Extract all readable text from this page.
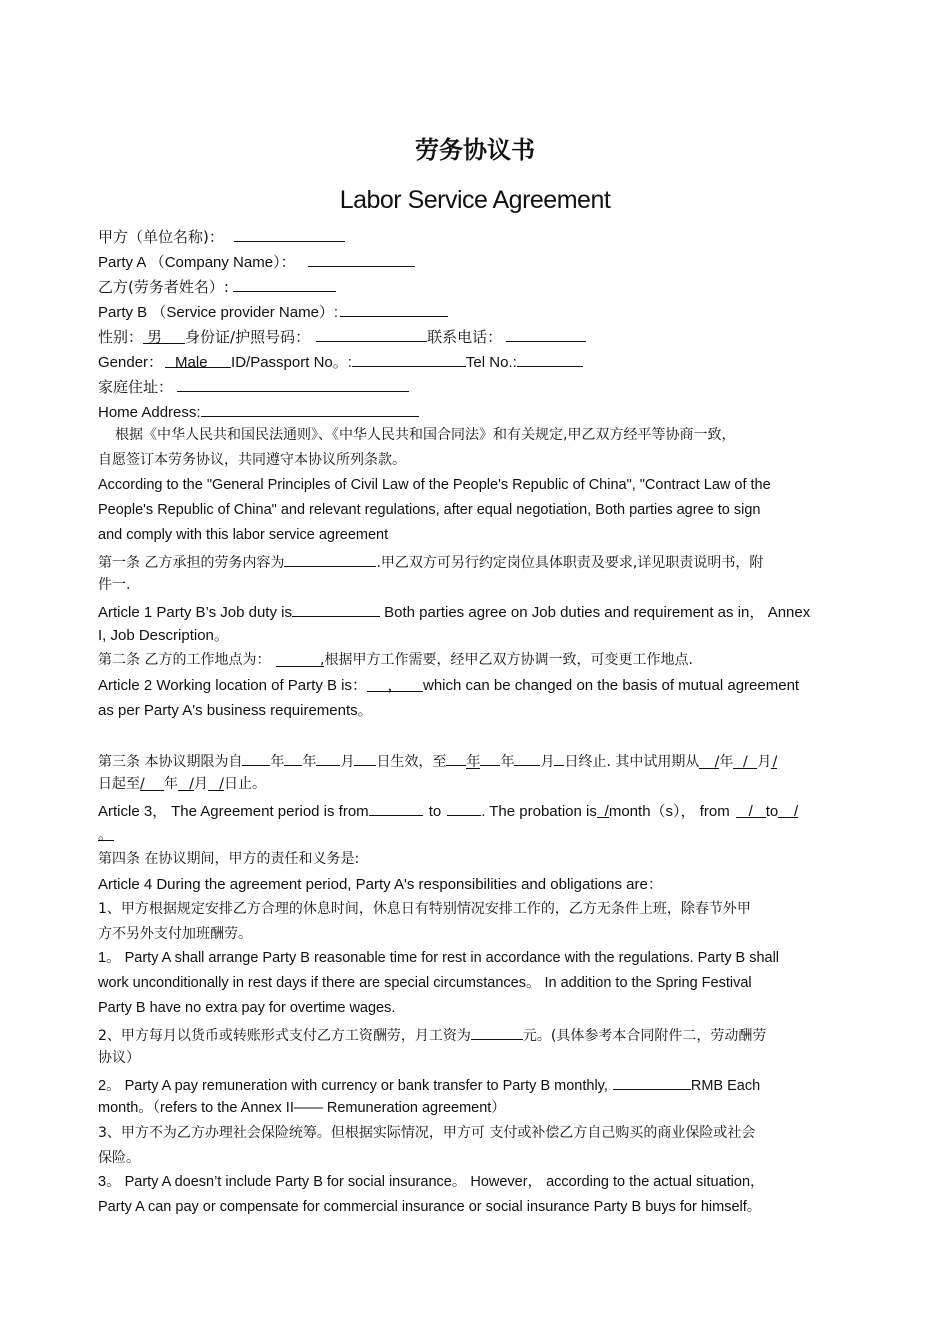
劳务协议书
Labor Service Agreement
甲方（单位名称)：
Party A （Company Name）：
乙方(劳务者姓名）:
Party B （Service provider Name）:
性别： 男 身份证/护照号码：	联系电话：
Gender： Male ID/Passport No。:	Tel No.:
家庭住址：
Home Address:
根据《中华人民共和国民法通则》、《中华人民共和国合同法》和有关规定,甲乙双方经平等协商一致，
自愿签订本劳务协议，共同遵守本协议所列条款。
According to the "General Principles of Civil Law of the People's Republic of China", "Contract Law of the
People's Republic of China" and relevant regulations, after equal negotiation, Both parties agree to sign
and comply with this labor service agreement
第一条 乙方承担的劳务内容为	.甲乙双方可另行约定岗位具体职责及要求,详见职责说明书，附
件一.
Article 1 Party B’s Job duty is	Both parties agree on Job duties and requirement as in， Annex
I, Job Description。
第二条 乙方的工作地点为：	,根据甲方工作需要，经甲乙双方协调一致，可变更工作地点.
Article 2 Working location of Party B is： ， which can be changed on the basis of mutual agreement
as per Party A's business requirements。
第三条 本协议期限为自 年 年 月 日生效，至 年 年 月 日终止. 其中试用期从 /年 / 月/
日起至/ 年 /月 /日止。
Article 3， The Agreement period is from	to	. The probation is /month（s）， from / to /
。
第四条 在协议期间，甲方的责任和义务是:
Article 4 During the agreement period, Party A's responsibilities and obligations are：
1、甲方根据规定安排乙方合理的休息时间，休息日有特别情况安排工作的，乙方无条件上班，除春节外甲
方不另外支付加班酬劳。
1。 Party A shall arrange Party B reasonable time for rest in accordance with the regulations. Party B shall
work unconditionally in rest days if there are special circumstances。 In addition to the Spring Festival
Party B have no extra pay for overtime wages.
2、甲方每月以货币或转账形式支付乙方工资酬劳，月工资为	元。(具体参考本合同附件二，劳动酬劳
协议）
2。 Party A pay remuneration with currency or bank transfer to Party B monthly,	RMB Each
month。（refers to the Annex II—— Remuneration agreement）
3、甲方不为乙方办理社会保险统筹。但根据实际情况，甲方可 支付或补偿乙方自己购买的商业保险或社会
保险。
3。 Party A doesn’t include Party B for social insurance。 However， according to the actual situation，
Party A can pay or compensate for commercial insurance or social insurance Party B buys for himself。
